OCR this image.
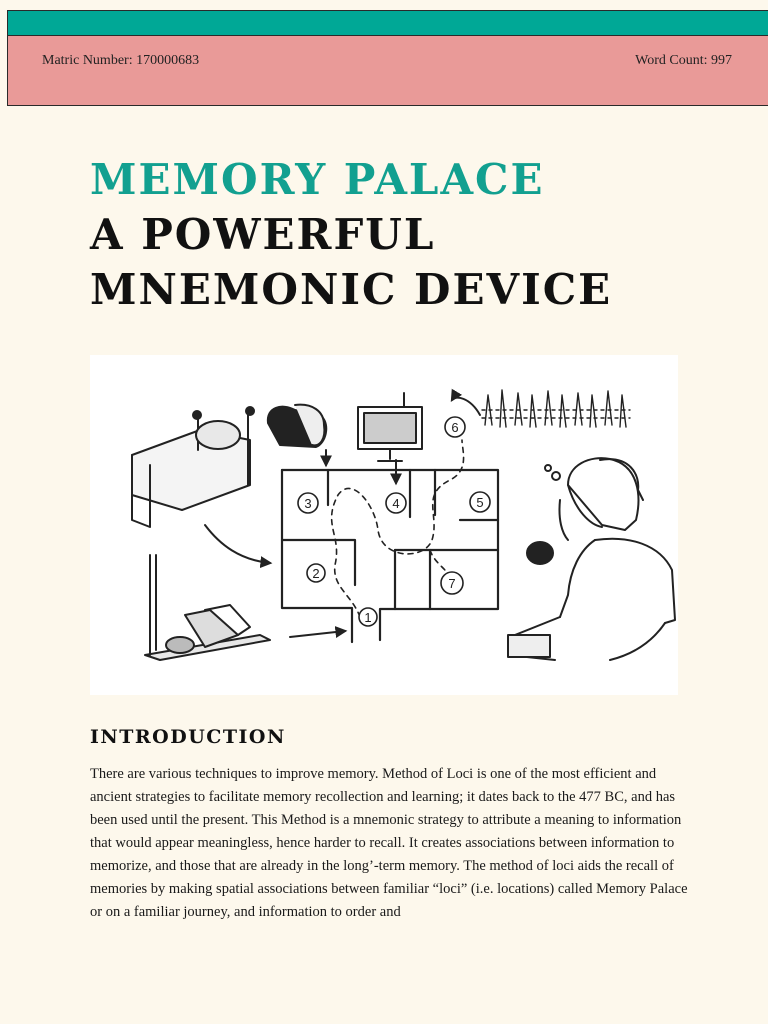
Matric Number: 170000683	Word Count: 997
MEMORY PALACE
A POWERFUL
MNEMONIC DEVICE
1
2
3	4	5
6
7
INTRODUCTION
There are various techniques to improve memory. Method of Loci is one of the most efficient and ancient strategies to facilitate memory recollection and learning; it dates back to the 477 BC, and has been used until the present. This Method is a mnemonic strategy to attribute a meaning to information that would appear meaningless, hence harder to recall. It creates associations between information to memorize, and those that are already in the long’-term memory. The method of loci aids the recall of memories by making spatial associations between familiar “loci” (i.e. locations) called Memory Palace or on a familiar journey, and information to order and
